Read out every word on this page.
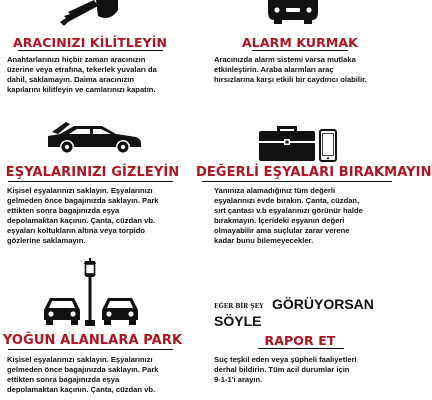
ARACINIZI KİLİTLEYİN
Anahtarlarınızı hiçbir zaman aracınızın
üzerine veya etrafına, tekerlek yuvaları da
dahil, saklamayın. Daima aracınızın
kapılarını kilitleyin ve camlarınızı kapatın.
ALARM KURMAK
Aracınızda alarm sistemi varsa mutlaka
etkinleştirin. Araba alarmları araç
hırsızlarına karşı etkili bir caydırıcı olabilir.
EŞYALARINIZI GİZLEYİN
Kişisel eşyalarınızı saklayın. Eşyalarınızı
gelmeden önce bagajınızda saklayın. Park
ettikten sonra bagajınızda eşya
depolamaktan kaçının. Çanta, cüzdan vb.
eşyaları koltukların altına veya torpido
gözlerine saklamayın.
DEĞERLİ EŞYALARI BIRAKMAYIN
Yanınıza alamadığınız tüm değerli
eşyalarınızı evde bırakın. Çanta, cüzdan,
sırt çantası v.b eşyalarınızı görünür halde
bırakmayın. İçerideki eşyanın değeri
olmayabilir ama suçlular zarar verene
kadar bunu bilemeyecekler.
YOĞUN ALANLARA PARK
Kişisel eşyalarınızı saklayın. Eşyalarınızı
gelmeden önce bagajınızda saklayın. Park
ettikten sonra bagajınızda eşya
depolamaktan kaçının. Çanta, cüzdan vb.
EĞER BİR ŞEY GÖRÜYORSAN
SÖYLE
RAPOR ET
Suç teşkil eden veya şüpheli faaliyetleri
derhal bildirin. Tüm acil durumlar için
9-1-1'i arayın.
